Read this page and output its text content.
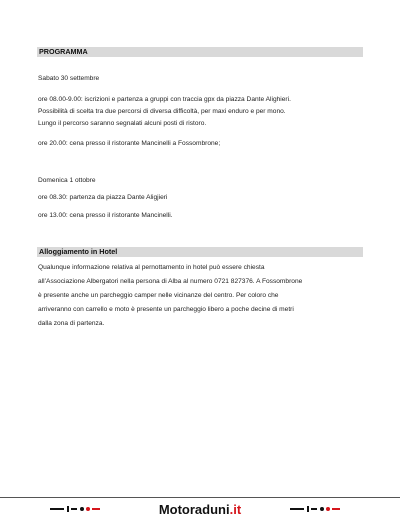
PROGRAMMA
Sabato 30 settembre
ore 08.00-9.00: iscrizioni e partenza a gruppi con traccia gpx da piazza Dante Alighieri.
Possibilità di scelta tra due percorsi di diversa difficoltà, per maxi enduro e per mono.
Lungo il percorso saranno segnalati alcuni posti di ristoro.
ore 20.00: cena presso il ristorante Mancinelli a Fossombrone;
Domenica 1 ottobre
ore 08.30: partenza da piazza Dante Aligjieri
ore 13.00: cena presso il ristorante Mancinelli.
Alloggiamento in Hotel
Qualunque informazione relativa al pernottamento in hotel può essere chiesta
all’Associazione Albergatori nella persona di Alba al numero 0721 827376. A Fossombrone
è presente anche un parcheggio camper nelle vicinanze del centro. Per coloro che
arriveranno con carrello e moto è presente un parcheggio libero a poche decine di metri
dalla zona di partenza.
Motoraduni.it
